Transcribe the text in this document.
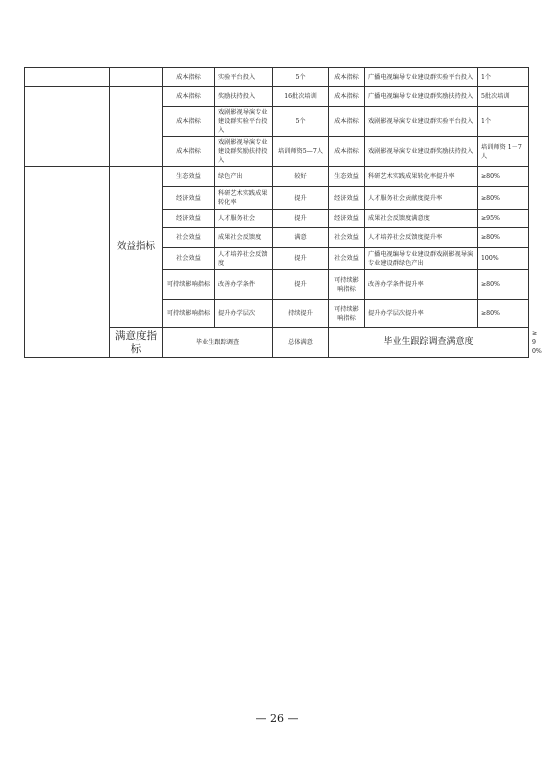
		成本指标	实验平台投入	5个	成本指标	广播电视编导专业建设群实验平台投入	1个	
		成本指标	奖励扶持投入	16批次培训	成本指标	广播电视编导专业建设群奖励扶持投入	5批次培训	
		成本指标	戏剧影视导演专业建设群实验平台投入	5个	成本指标	戏剧影视导演专业建设群实验平台投入	1个	
		成本指标	戏剧影视导演专业建设群奖励扶持投入	培训师资5—7人	成本指标	戏剧影视导演专业建设群奖励扶持投入	培训师资 1－7人	
	效益指标	生态效益	绿色产出	较好	生态效益	科研艺术实践成果转化率提升率	≥80%	
		经济效益	科研艺术实践成果转化率	提升	经济效益	人才服务社会贡献度提升率	≥80%	
		经济效益	人才服务社会	提升	经济效益	成果社会反馈度满意度	≥95%	
		社会效益	成果社会反馈度	满意	社会效益	人才培养社会反馈度提升率	≥80%	
		社会效益	人才培养社会反馈度	提升	社会效益	广播电视编导专业建设群戏剧影视导演专业建设群绿色产出	100%	
		可持续影响指标	改善办学条件	提升	可持续影响指标	改善办学条件提升率	≥80%	
		可持续影响指标	提升办学层次	持续提升	可持续影响指标	提升办学层次提升率	≥80%	
	满意度指标	毕业生跟踪调查		总体满意	毕业生跟踪调查满意度			≥90%
— 26 —
